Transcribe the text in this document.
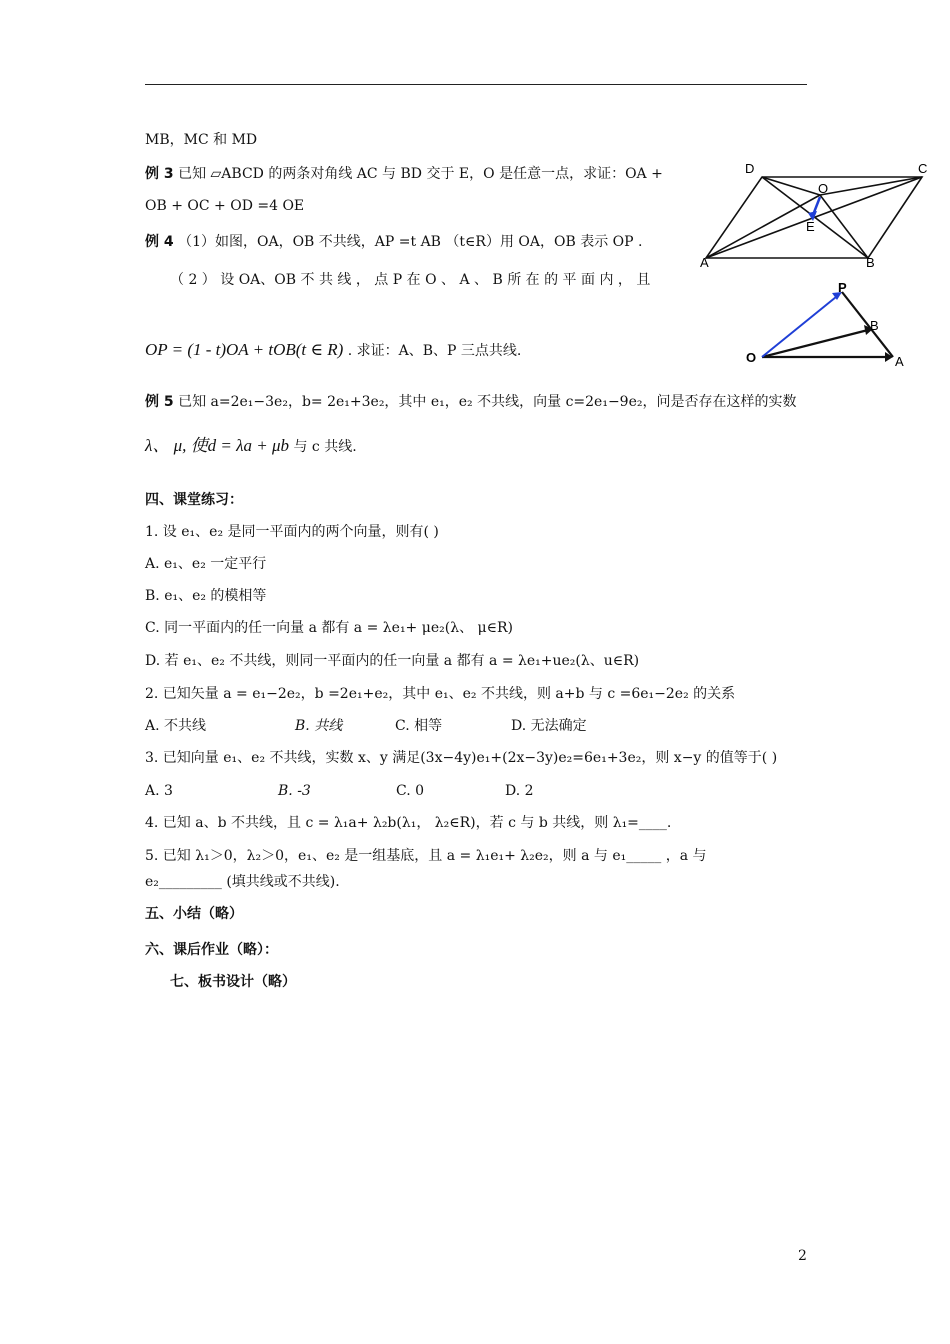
MB，MC 和 MD
例 3 已知 ▱ABCD 的两条对角线 AC 与 BD 交于 E，O 是任意一点，求证：OA +
OB + OC + OD =4 OE
例 4 （1）如图，OA，OB 不共线，AP =t AB （t∈R）用 OA，OB 表示 OP .
（ 2 ） 设 OA、OB 不 共 线 ， 点 P 在 O 、 A 、 B 所 在 的 平 面 内 ， 且
OP = (1 - t)OA + tOB(t ∈ R) . 求证：A、B、P 三点共线.
例 5 已知 a=2e₁−3e₂，b= 2e₁+3e₂，其中 e₁，e₂ 不共线，向量 c=2e₁−9e₂，问是否存在这样的实数
λ、 μ, 使d = λa + μb 与 c 共线.
四、课堂练习：
1. 设 e₁、e₂ 是同一平面内的两个向量，则有( )
A. e₁、e₂ 一定平行
B. e₁、e₂ 的模相等
C. 同一平面内的任一向量 a 都有 a = λe₁+ μe₂(λ、 μ∈R)
D. 若 e₁、e₂ 不共线，则同一平面内的任一向量 a 都有 a = λe₁+ue₂(λ、u∈R)
2. 已知矢量 a = e₁−2e₂，b =2e₁+e₂，其中 e₁、e₂ 不共线，则 a+b 与 c =6e₁−2e₂ 的关系
A. 不共线	B. 共线	C. 相等	D. 无法确定
3. 已知向量 e₁、e₂ 不共线，实数 x、y 满足(3x−4y)e₁+(2x−3y)e₂=6e₁+3e₂，则 x−y 的值等于( )
A. 3	B. -3	C. 0	D. 2
4. 已知 a、b 不共线，且 c = λ₁a+ λ₂b(λ₁， λ₂∈R)，若 c 与 b 共线，则 λ₁=____.
5. 已知 λ₁＞0，λ₂＞0，e₁、e₂ 是一组基底，且 a = λ₁e₁+ λ₂e₂，则 a 与 e₁_____ ，a 与
e₂_________ (填共线或不共线).
五、小结（略）
六、课后作业（略）：
七、板书设计（略）
D	C
O
E
A	B
P
B
O	A
2
